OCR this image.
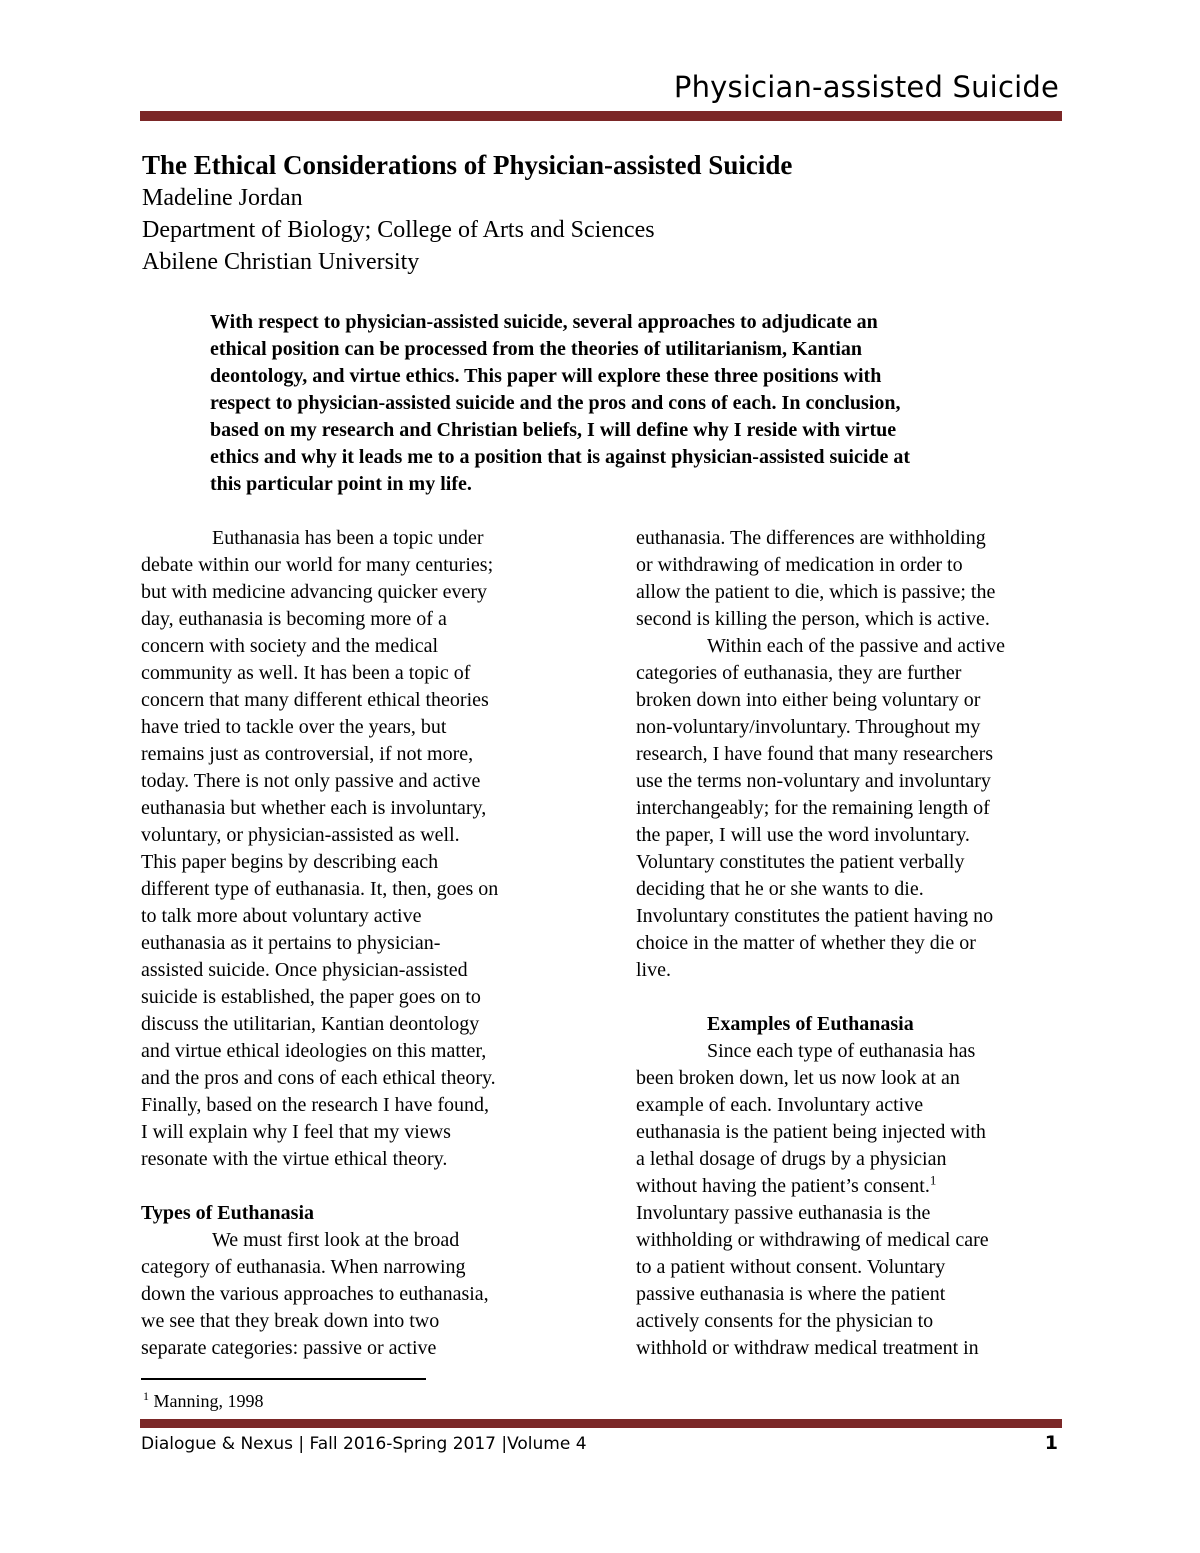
Physician-assisted Suicide
The Ethical Considerations of Physician-assisted Suicide
Madeline Jordan
Department of Biology; College of Arts and Sciences
Abilene Christian University
With respect to physician-assisted suicide, several approaches to adjudicate an
ethical position can be processed from the theories of utilitarianism, Kantian
deontology, and virtue ethics. This paper will explore these three positions with
respect to physician-assisted suicide and the pros and cons of each. In conclusion,
based on my research and Christian beliefs, I will define why I reside with virtue
ethics and why it leads me to a position that is against physician-assisted suicide at
this particular point in my life.
Euthanasia has been a topic under
debate within our world for many centuries;
but with medicine advancing quicker every
day, euthanasia is becoming more of a
concern with society and the medical
community as well. It has been a topic of
concern that many different ethical theories
have tried to tackle over the years, but
remains just as controversial, if not more,
today. There is not only passive and active
euthanasia but whether each is involuntary,
voluntary, or physician-assisted as well.
This paper begins by describing each
different type of euthanasia. It, then, goes on
to talk more about voluntary active
euthanasia as it pertains to physician-
assisted suicide. Once physician-assisted
suicide is established, the paper goes on to
discuss the utilitarian, Kantian deontology
and virtue ethical ideologies on this matter,
and the pros and cons of each ethical theory.
Finally, based on the research I have found,
I will explain why I feel that my views
resonate with the virtue ethical theory.
Types of Euthanasia
We must first look at the broad
category of euthanasia. When narrowing
down the various approaches to euthanasia,
we see that they break down into two
separate categories: passive or active
euthanasia. The differences are withholding
or withdrawing of medication in order to
allow the patient to die, which is passive; the
second is killing the person, which is active.
Within each of the passive and active
categories of euthanasia, they are further
broken down into either being voluntary or
non-voluntary/involuntary. Throughout my
research, I have found that many researchers
use the terms non-voluntary and involuntary
interchangeably; for the remaining length of
the paper, I will use the word involuntary.
Voluntary constitutes the patient verbally
deciding that he or she wants to die.
Involuntary constitutes the patient having no
choice in the matter of whether they die or
live.
Examples of Euthanasia
Since each type of euthanasia has
been broken down, let us now look at an
example of each. Involuntary active
euthanasia is the patient being injected with
a lethal dosage of drugs by a physician
without having the patient’s consent.$^1$
Involuntary passive euthanasia is the
withholding or withdrawing of medical care
to a patient without consent. Voluntary
passive euthanasia is where the patient
actively consents for the physician to
withhold or withdraw medical treatment in
$^1$ Manning, 1998
Dialogue & Nexus | Fall 2016-Spring 2017 |Volume 4	1
